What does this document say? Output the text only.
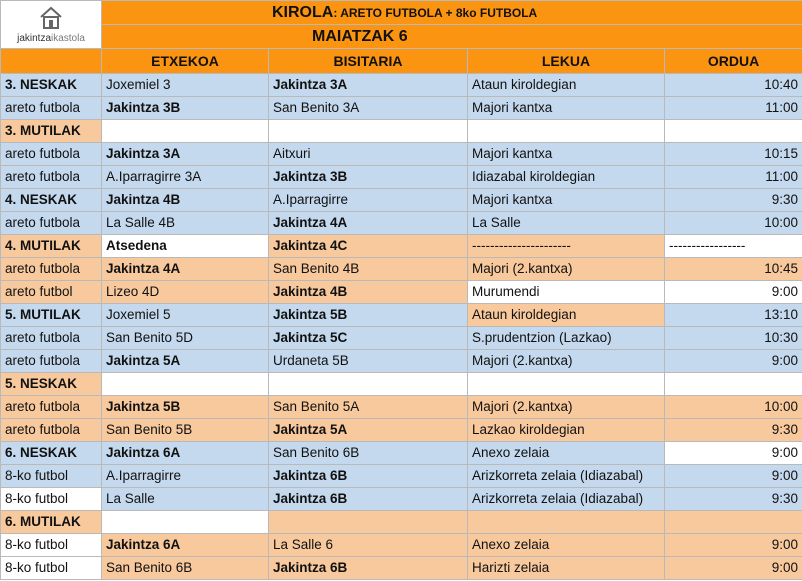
jakintzaikastola	KIROLA: ARETO FUTBOLA + 8ko FUTBOLA			
	MAIATZAK 6			
	ETXEKOA	BISITARIA	LEKUA	ORDUA
3. NESKAK	Joxemiel 3	Jakintza 3A	Ataun kiroldegian	10:40
areto futbola	Jakintza 3B	San Benito 3A	Majori kantxa	11:00
3. MUTILAK				
areto futbola	Jakintza 3A	Aitxuri	Majori kantxa	10:15
areto futbola	A.Iparragirre 3A	Jakintza 3B	Idiazabal kiroldegian	11:00
4. NESKAK	Jakintza 4B	A.Iparragirre	Majori kantxa	9:30
areto futbola	La Salle 4B	Jakintza 4A	La Salle	10:00
4. MUTILAK	Atsedena	Jakintza 4C	----------------------	-----------------
areto futbola	Jakintza 4A	San Benito 4B	Majori (2.kantxa)	10:45
areto futbol	Lizeo 4D	Jakintza 4B	Murumendi	9:00
5. MUTILAK	Joxemiel 5	Jakintza 5B	Ataun kiroldegian	13:10
areto futbola	San Benito 5D	Jakintza 5C	S.prudentzion (Lazkao)	10:30
areto futbola	Jakintza 5A	Urdaneta 5B	Majori (2.kantxa)	9:00
5. NESKAK				
areto futbola	Jakintza 5B	San Benito 5A	Majori (2.kantxa)	10:00
areto futbola	San Benito 5B	Jakintza 5A	Lazkao kiroldegian	9:30
6. NESKAK	Jakintza 6A	San Benito 6B	Anexo zelaia	9:00
8-ko futbol	A.Iparragirre	Jakintza 6B	Arizkorreta zelaia (Idiazabal)	9:00
8-ko futbol	La Salle	Jakintza 6B	Arizkorreta zelaia (Idiazabal)	9:30
6. MUTILAK				
8-ko futbol	Jakintza 6A	La Salle 6	Anexo zelaia	9:00
8-ko futbol	San Benito 6B	Jakintza 6B	Harizti zelaia	9:00
